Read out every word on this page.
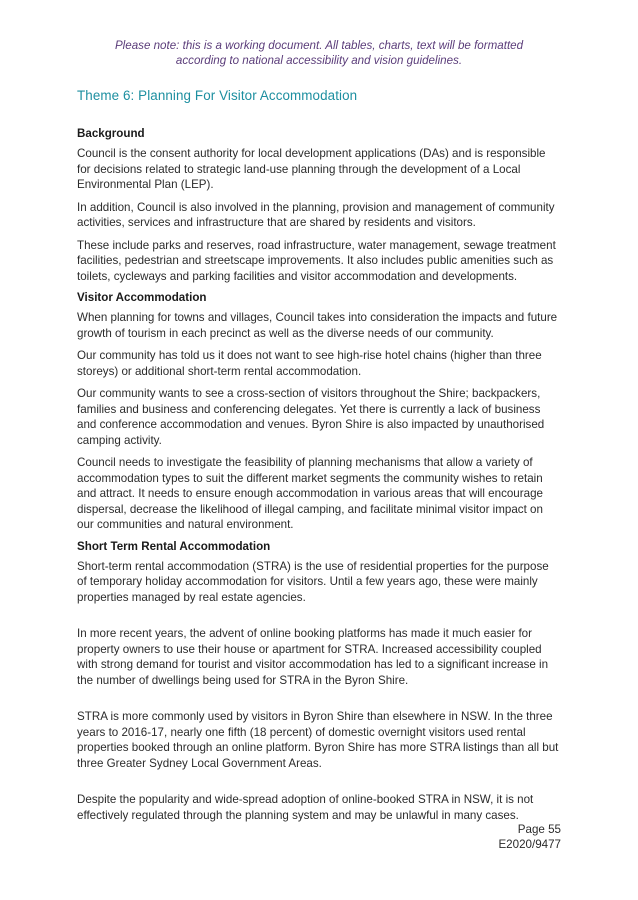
Please note: this is a working document. All tables, charts, text will be formatted
according to national accessibility and vision guidelines.
Theme 6: Planning For Visitor Accommodation
Background

Council is the consent authority for local development applications (DAs) and is responsible for decisions related to strategic land-use planning through the development of a Local Environmental Plan (LEP).

In addition, Council is also involved in the planning, provision and management of community activities, services and infrastructure that are shared by residents and visitors.

These include parks and reserves, road infrastructure, water management, sewage treatment facilities, pedestrian and streetscape improvements. It also includes public amenities such as toilets, cycleways and parking facilities and visitor accommodation and developments.

Visitor Accommodation

When planning for towns and villages, Council takes into consideration the impacts and future growth of tourism in each precinct as well as the diverse needs of our community.

Our community has told us it does not want to see high-rise hotel chains (higher than three storeys) or additional short-term rental accommodation.

Our community wants to see a cross-section of visitors throughout the Shire; backpackers, families and business and conferencing delegates. Yet there is currently a lack of business and conference accommodation and venues. Byron Shire is also impacted by unauthorised camping activity.

Council needs to investigate the feasibility of planning mechanisms that allow a variety of accommodation types to suit the different market segments the community wishes to retain and attract. It needs to ensure enough accommodation in various areas that will encourage dispersal, decrease the likelihood of illegal camping, and facilitate minimal visitor impact on our communities and natural environment.

Short Term Rental Accommodation

Short-term rental accommodation (STRA) is the use of residential properties for the purpose of temporary holiday accommodation for visitors. Until a few years ago, these were mainly properties managed by real estate agencies.

In more recent years, the advent of online booking platforms has made it much easier for property owners to use their house or apartment for STRA. Increased accessibility coupled with strong demand for tourist and visitor accommodation has led to a significant increase in the number of dwellings being used for STRA in the Byron Shire.

STRA is more commonly used by visitors in Byron Shire than elsewhere in NSW. In the three years to 2016-17, nearly one fifth (18 percent) of domestic overnight visitors used rental properties booked through an online platform. Byron Shire has more STRA listings than all but three Greater Sydney Local Government Areas.

Despite the popularity and wide-spread adoption of online-booked STRA in NSW, it is not effectively regulated through the planning system and may be unlawful in many cases.

Page 55
E2020/9477
